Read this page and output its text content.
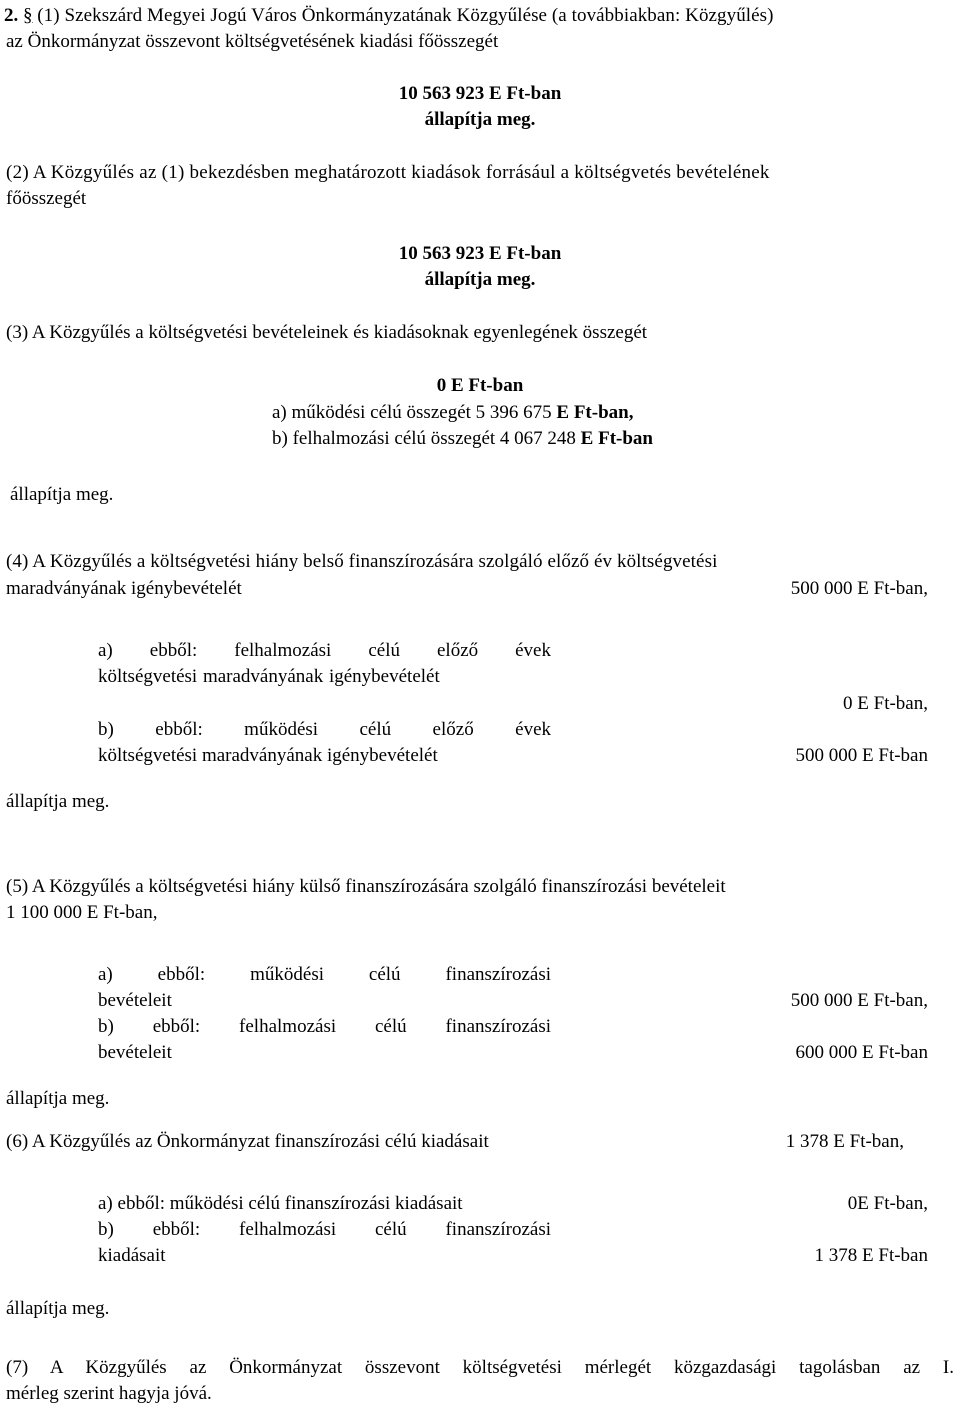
2. § (1) Szekszárd Megyei Jogú Város Önkormányzatának Közgyűlése (a továbbiakban: Közgyűlés)
az Önkormányzat összevont költségvetésének kiadási főösszegét
10 563 923 E Ft-ban
állapítja meg.
(2) A Közgyűlés az (1) bekezdésben meghatározott kiadások forrásául a költségvetés bevételének
főösszegét
10 563 923 E Ft-ban
állapítja meg.
(3) A Közgyűlés a költségvetési bevételeinek és kiadásoknak egyenlegének összegét
0 E Ft-ban
a) működési célú összegét 5 396 675 E Ft-ban,
b) felhalmozási célú összegét 4 067 248 E Ft-ban
állapítja meg.
(4) A Közgyűlés a költségvetési hiány belső finanszírozására szolgáló előző év költségvetési
maradványának igénybevételét	500 000 E Ft-ban,
a) ebből: felhalmozási célú előző évek
költségvetési maradványának igénybevételét
0 E Ft-ban,
b) ebből: működési célú előző évek
költségvetési maradványának igénybevételét	500 000 E Ft-ban
állapítja meg.
(5) A Közgyűlés a költségvetési hiány külső finanszírozására szolgáló finanszírozási bevételeit
1 100 000 E Ft-ban,
a) ebből: működési célú finanszírozási
bevételeit	500 000 E Ft-ban,
b) ebből: felhalmozási célú finanszírozási
bevételeit	600 000 E Ft-ban
állapítja meg.
(6) A Közgyűlés az Önkormányzat finanszírozási célú kiadásait	1 378 E Ft-ban,
a) ebből: működési célú finanszírozási kiadásait	0E Ft-ban,
b) ebből: felhalmozási célú finanszírozási
kiadásait	1 378 E Ft-ban
állapítja meg.
(7) A Közgyűlés az Önkormányzat összevont költségvetési mérlegét közgazdasági tagolásban az I.
mérleg szerint hagyja jóvá.
